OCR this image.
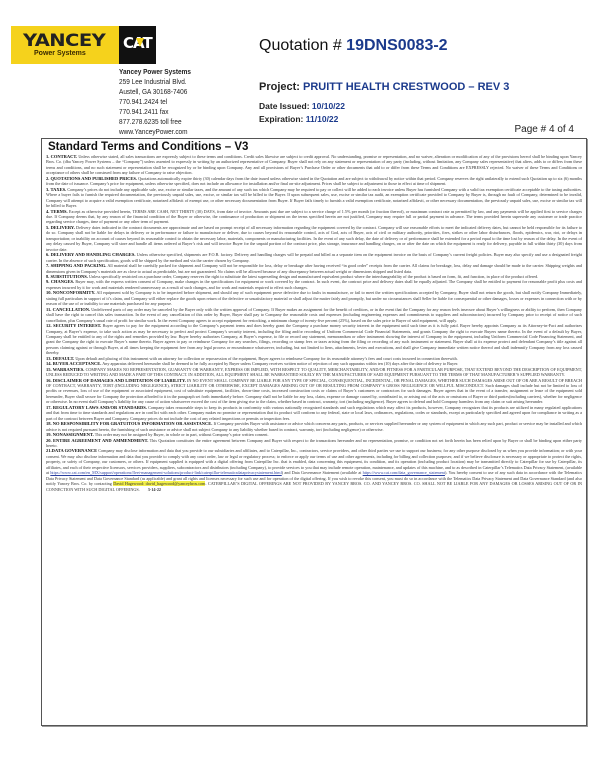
YANCEY
Power Systems
CAT
Yancey Power Systems
259 Lee Industrial Blvd.
Austell, GA 30168-7406
770.941.2424 tel
770.941.2411 fax
877.278.6235 toll free
www.YanceyPower.com
Quotation # 19DNS0083-2
Project: PRUITT HEALTH CRESTWOOD – REV 3
Date Issued: 10/10/22
Expiration: 11/10/22
Page # 4 of 4
Standard Terms and Conditions – V3
1. CONTRACT. Unless otherwise stated, all sales transactions are expressly subject to these terms and conditions. Credit sales likewise are subject to credit approval. No understanding, promise or representation, and no waiver, alteration or modification of any of the provisions hereof shall be binding upon Yancey Bros. Co. (dba Yancey Power Systems – the “Company”) unless assented to expressly in writing by an authorized representative of Company. Buyer shall not rely on any statement or representation of any party (including, without limitation, any Company sales representative) that alters, adds to or differs from these terms and conditions, and no such statement or representation shall be recognized by or be binding upon Company. Any and all provisions of Buyer’s Purchase Order or other documents that add to or differ from these Terms and Conditions are EXPRESSLY rejected. No waiver of these Terms and Conditions or acceptance of others shall be construed from any failure of Company to raise objection.
2. QUOTATIONS AND PUBLISHED PRICES. Quotations automatically expire thirty (30) calendar days from the date issued unless otherwise stated in the Quotation and are subject to withdrawal by notice within that period. Company reserves the right unilaterally to extend such Quotation up to six (6) months from the date of issuance. Company’s price for equipment, unless otherwise specified, does not include an allowance for installation and/or final on-site adjustment. Prices shall be subject to adjustment to those in effect at time of shipment.
3. TAXES. Company’s prices do not include any applicable sale, use, excise or similar taxes, and the amount of any such tax which Company may be required to pay or collect will be added to each invoice unless Buyer has furnished Company with a valid tax exemption certificate acceptable to the taxing authorities. Where a buyer fails to furnish the required documentation, the previously unpaid sales, use, excise, or similar tax will be billed to the Buyer. If upon subsequent sales, use, excise or similar tax audit, an exemption certificate provided to Company by Buyer is, through no fault of Company, determined to be invalid, Company will attempt to acquire a valid exemption certificate, notarized affidavit of exempt use, or other necessary documentation from Buyer. If Buyer fails timely to furnish a valid exemption certificate, notarized affidavit, or other necessary documentation, the previously unpaid sales, use, excise or similar tax will be billed to Buyer.
4. TERMS. Except as otherwise provided herein, TERMS ARE CASH, NET THIRTY (30) DAYS, from date of invoice. Amounts past due are subject to a service charge of 1.5% per month (or fraction thereof), or maximum contract rate as permitted by law, and any payments will be applied first to service charges due. If Company deems that, by any reason of the financial condition of the Buyer or otherwise, the continuance of production or shipment on the terms specified herein are not justified, Company may require full or partial payment in advance. The terms provided herein supersede any customer or trade practice regarding service charges, time of payment or any other term of payment.
5. DELIVERY. Delivery dates indicated in the contract documents are approximate and are based on prompt receipt of all necessary information regarding the equipment covered by the contract. Company will use reasonable efforts to meet the indicated delivery dates, but cannot be held responsible for its failure to do so. Company shall not be liable for delays in delivery or in performance or failure to manufacture or deliver, due to causes beyond its reasonable control, acts of God, acts of Buyer, acts of civil or military authority, priorities, fires, strikes or other labor disturbances, floods, epidemics, war, riot, or delays in transportation; or inability on account of causes beyond its reasonable control to obtain the necessary labor, materials, components or manufacturing facilities. In the event of any such delay, the date of delivery or of performance shall be extended for a period equal to the time lost by reason of the delay. In the event of any delay caused by Buyer, Company will store and handle all items ordered at Buyer’s risk and will invoice Buyer for the unpaid portion of the contract price, plus storage, insurance and handling charges, on or after the date on which the equipment is ready for delivery, payable in full within thirty (30) days from invoice date.
6. DELIVERY AND HANDLING CHARGES. Unless otherwise specified, shipments are F.O.B. factory. Delivery and handling charges will be prepaid and billed as a separate item on the equipment invoice on the basis of Company’s current freight policies. Buyer may also specify and use a designated freight carrier. In the absence of such specification, goods will be shipped by the method and via the carrier chosen by Company.
7. SHIPPING AND PACKING. All material shall be carefully packed for shipment and Company will not be responsible for loss, delay or breakage after having received “in good order” receipts from the carrier. All claims for breakage, loss, delay and damage should be made to the carrier. Shipping weights and dimensions given in Company’s materials are as close to actual as predictable, but are not guaranteed. No claims will be allowed because of any discrepancy between actual weight or dimensions shipped and listed data.
8. SUBSTITUTIONS. Unless specifically restricted on a purchase order, Company reserves the right to substitute the latest superseding design and manufactured equivalent product where the interchangeability of the product is based on form, fit, and function, in place of the product offered.
9. CHANGES. Buyer may, with the express written consent of Company, make changes in the specifications for equipment or work covered by the contract. In such event, the contract price and delivery dates shall be equally adjusted. The Company shall be entitled to payment for reasonable profit plus costs and expenses incurred by it for work and materials rendered unnecessary as a result of such changes, and for work and materials required to effect such changes.
10. NONCONFORMITY. All equipment sold by Company is to be inspected before shipment, and should any of such equipment prove defective due to faults in manufacture, or fail to meet the written specifications accepted by Company, Buyer shall not return the goods, but shall notify Company Immediately, stating full particulars in support of it’s claim, and Company will either replace the goods upon return of the defective or unsatisfactory material or shall adjust the matter fairly and promptly, but under no circumstances shall Seller be liable for consequential or other damages, losses or expenses in connection with or by reason of the use of or inability to use materials purchased for any purpose.
11. CANCELLATION. Undelivered parts of any order may be canceled by the Buyer only with the written approval of Company. If Buyer makes an assignment for the benefit of creditors, or in the event that the Company for any reason feels insecure about Buyer’s willingness or ability to perform, then Company shall have the right to cancel this sales transaction. In the event of any cancellation of this order by Buyer, Buyer shall pay to Company the reasonable costs and expenses (including engineering expenses and commitments to suppliers and subcontractors) incurred by Company prior to receipt of notice of such cancellation, plus Company’s usual rate of profit for similar work. In the event Company agrees to accept equipment for restocking, a minimum charge of twenty-five percent (25%), based on the sales price to Buyer of said equipment, will apply.
12. SECURITY INTEREST. Buyer agrees to pay for the equipment according to the Company’s payment terms and does hereby grant the Company a purchase money security interest in the equipment until such time as it is fully paid. Buyer hereby appoints Company as its Attorney-in-Fact and authorizes Company, at Buyer’s expense, to take such action as may be necessary to perfect and protect Company’s security interest, including the filing and/or recording of Uniform Commercial Code Financial Statements, and grants Company the right to execute Buyers name thereto. In the event of a default by Buyer, Company shall be entitled to any of the rights and remedies provided by law. Buyer hereby authorizes Company, at Buyer’s expense, to file or record any statement, memorandum or other instrument showing the interest of Company in the equipment, including Uniform Commercial Code Financing Statement, and grant the Company the right to execute Buyer’s name thereto. Buyer agrees to pay or reimburse Company for any searches, filings, recording or stamp fees or taxes arising from the filing or recording of any such instrument or statement. Buyer shall at its expense protect and defendant Company’s title against all persons claiming against or through Buyer, at all times keeping the equipment free from any legal process or encumbrance whatsoever, including, but not limited to liens, attachments, levies and executions, and shall give Company immediate written notice thereof and shall indemnify Company from any loss caused thereby.
13. DEFAULT. Upon default and placing of this instrument with an attorney for collection or repossession of the equipment, Buyer agrees to reimburse Company for its reasonable attorney’s fees and court costs incurred in connection therewith.
14. BUYER ACCEPTANCE. Any apparatus delivered hereunder shall be deemed to be fully accepted by Buyer unless Company receives written notice of rejection of any such apparatus within ten (10) days after the date of delivery to Buyer.
15. WARRANTIES. COMPANY MAKES NO REPRESENTATION, GUARANTY OR WARRANTY, EXPRESS OR IMPLIED, WITH RESPECT TO QUALITY, MERCHANTABILITY, AND/OR FITNESS FOR A PARTICULAR PURPOSE, THAT EXTEND BEYOND THE DESCRIPTION OF EQUIPMENT, UNLESS REDUCED TO WRITING AND MADE A PART OF THIS CONTRACT. IN ADDITION, ALL EQUIPMENT SHALL BE WARRANTIED SOLELY BY THE MANUFACTURER OF SAID EQUIPMENT PURSUANT TO THE TERMS OF THAT MANUFACTURER’S SUPPLIED WARRANTY.
16. DISCLAIMER OF DAMAGES AND LIMITATION OF LIABILITY. IN NO EVENT SHALL COMPANY BE LIABLE FOR ANY TYPE OF SPECIAL, CONSEQUENTIAL, INCEDENTAL, OR PENAL DAMAGES, WHETHER SUCH DAMAGES ARISE OUT OF OR ARE A RESULT OF BREACH OF CONTRACT, WARRANTY, TORT (INCLUDING NEGLIGENCE), STRICT LIABILITY OR OTHERWISE, EXCEPT DAMAGES ARISING OUT OF OR RESULTING FROM COMPANY’S GROSS NEGLIGENCE OR WILLFUL MISCONDUCT. Such damages shall include but not be limited to loss of profits or revenues, loss of use of the equipment or associated equipment, cost of substitute equipment, facilities, down-time costs, increased construction costs or claims of Buyer’s customers or contractors for such damages. Buyer agrees that in the event of a transfer, assignment or lease of the equipment sold hereunder, Buyer shall secure for Company the protection afforded to it in the paragraph set forth immediately before. Company shall not be liable for any loss, claim, expense or damage caused by, contributed to, or arising out of the acts or omissions of Buyer or third parties(including carriers), whether for negligence or otherwise. In no event shall Company’s liability for any cause of action whatsoever exceed the cost of the item giving rise to the claim, whether based in contract, warranty, tort (including negligence). Buyer agrees to defend and hold Company harmless from any claim or suit arising hereunder.
17. REGULATORY LAWS AND/OR STANDARDS. Company takes reasonable steps to keep its products in conformity with various nationally recognized standards and such regulations which may affect its products, however, Company recognizes that its products are utilized in many regulated applications and that from time to time standards and regulations are in conflict with each other. Company makes no promise or representation that its product will conform to any federal, state or local laws, ordinances, regulations, codes or standards, except as particularly specified and agreed upon for compliance in writing as a part of the contract between Buyer and Company. Company prices do not include the cost of any related inspections or permits or inspection fees.
18. NO RESPONSIBILITY FOR GRATUITOUS INFORMATION OR ASSISTANCE. If Company provides Buyer with assistance or advice which concerns any parts, products, or services supplied hereunder or any system of equipment in which any such part, product or service may be installed and which advice is not required pursuant hereto, the furnishing of such assistance or advice shall not subject Company to any liability whether based in contract, warranty, tort (including negligence) or otherwise.
19. NONASSIGNMENT. This order may not be assigned by Buyer, in whole or in part, without Company’s prior written consent.
20. ENTIRE AGREEMENT AND AMMENDMENT. This Quotation constitutes the entire agreement between Company and Buyer with respect to the transactions hereunder and no representation, promise, or condition not set forth herein has been relied upon by Buyer or shall be binding upon either party hereto.
21.DATA GOVERNANCE Company may disclose information and data that you provide to our subsidiaries and affiliates, and to Caterpillar, Inc., contractors, service providers, and other third parties we use to support our business; for any other purpose disclosed by us when you provide information; or with your consent. We may also disclose information and data that you provide to comply with any court order, law or legal or regulatory process; to enforce or apply our terms of use and other agreements, including for billing and collection purposes; and if we believe disclosure is necessary or appropriate to protect the rights, property, or safety of Company, our customers, or others. If equipment supplied is equipped with a digital offering from Caterpillar Inc. that is enabled, data concerning this equipment, its condition, and its operation (including product location) may be transmitted directly to Caterpillar for use by Caterpillar, its affiliates, and each of their respective licensors, services providers, suppliers, subcontractors and distributors (including Company), to provide services to you that may include remote operation, maintenance, and updates of this machine, and to as described in Caterpillar’s Telematics Data Privacy Statement, (available at https://www.cat.com/en_MX/support/operations/fleet-management-solutions/product-link/caterpillar-telematicsdataprivacystatement.html) and Data Governance Statement (available at https://www.cat.com/data_governance_statement). You hereby consent to use of any such data in accordance with the Telematics Data Privacy Statement and Data Governance Standard (as applicable) and grant all rights and licenses necessary for such use and for operation of the digital offering. If you wish to revoke this consent, you must do so in accordance with the Telematics Data Privacy Statement and Data Governance Standard (and also notify Yancey Bros. Co. by contacting David Hagewood: david_hagewood@yanceybros.com. CATERPILLAR’S DIGITAL OFFERINGS ARE NOT PROVIDED BY YANCEY BROS. CO. AND YANCEY BROS. CO. SHALL NOT BE LIABLE FOR ANY DAMAGES OR LOSSES ARISING OUT OF OR IN CONNECTION WITH SUCH DIGITAL OFFERINGS. 3-14-22
